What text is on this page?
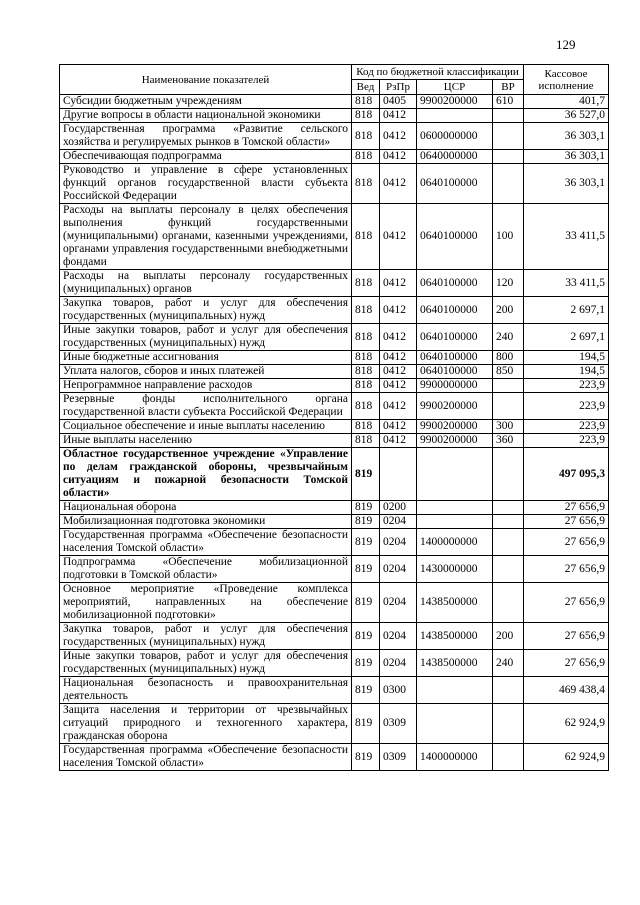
129
Наименование показателей	Код по бюджетной классификации				Кассовое исполнение
	Вед	РзПр	ЦСР	ВР	
Субсидии бюджетным учреждениям	818	0405	9900200000	610	401,7
Другие вопросы в области национальной экономики	818	0412			36 527,0
Государственная программа «Развитие сельского хозяйства и регулируемых рынков в Томской области»	818	0412	0600000000		36 303,1
Обеспечивающая подпрограмма	818	0412	0640000000		36 303,1
Руководство и управление в сфере установленных функций органов государственной власти субъекта Российской Федерации	818	0412	0640100000		36 303,1
Расходы на выплаты персоналу в целях обеспечения выполнения функций государственными (муниципальными) органами, казенными учреждениями, органами управления государственными внебюджетными фондами	818	0412	0640100000	100	33 411,5
Расходы на выплаты персоналу государственных (муниципальных) органов	818	0412	0640100000	120	33 411,5
Закупка товаров, работ и услуг для обеспечения государственных (муниципальных) нужд	818	0412	0640100000	200	2 697,1
Иные закупки товаров, работ и услуг для обеспечения государственных (муниципальных) нужд	818	0412	0640100000	240	2 697,1
Иные бюджетные ассигнования	818	0412	0640100000	800	194,5
Уплата налогов, сборов и иных платежей	818	0412	0640100000	850	194,5
Непрограммное направление расходов	818	0412	9900000000		223,9
Резервные фонды исполнительного органа государственной власти субъекта Российской Федерации	818	0412	9900200000		223,9
Социальное обеспечение и иные выплаты населению	818	0412	9900200000	300	223,9
Иные выплаты населению	818	0412	9900200000	360	223,9
Областное государственное учреждение «Управление по делам гражданской обороны, чрезвычайным ситуациям и пожарной безопасности Томской области»	819				497 095,3
Национальная оборона	819	0200			27 656,9
Мобилизационная подготовка экономики	819	0204			27 656,9
Государственная программа «Обеспечение безопасности населения Томской области»	819	0204	1400000000		27 656,9
Подпрограмма «Обеспечение мобилизационной подготовки в Томской области»	819	0204	1430000000		27 656,9
Основное мероприятие «Проведение комплекса мероприятий, направленных на обеспечение мобилизационной подготовки»	819	0204	1438500000		27 656,9
Закупка товаров, работ и услуг для обеспечения государственных (муниципальных) нужд	819	0204	1438500000	200	27 656,9
Иные закупки товаров, работ и услуг для обеспечения государственных (муниципальных) нужд	819	0204	1438500000	240	27 656,9
Национальная безопасность и правоохранительная деятельность	819	0300			469 438,4
Защита населения и территории от чрезвычайных ситуаций природного и техногенного характера, гражданская оборона	819	0309			62 924,9
Государственная программа «Обеспечение безопасности населения Томской области»	819	0309	1400000000		62 924,9
